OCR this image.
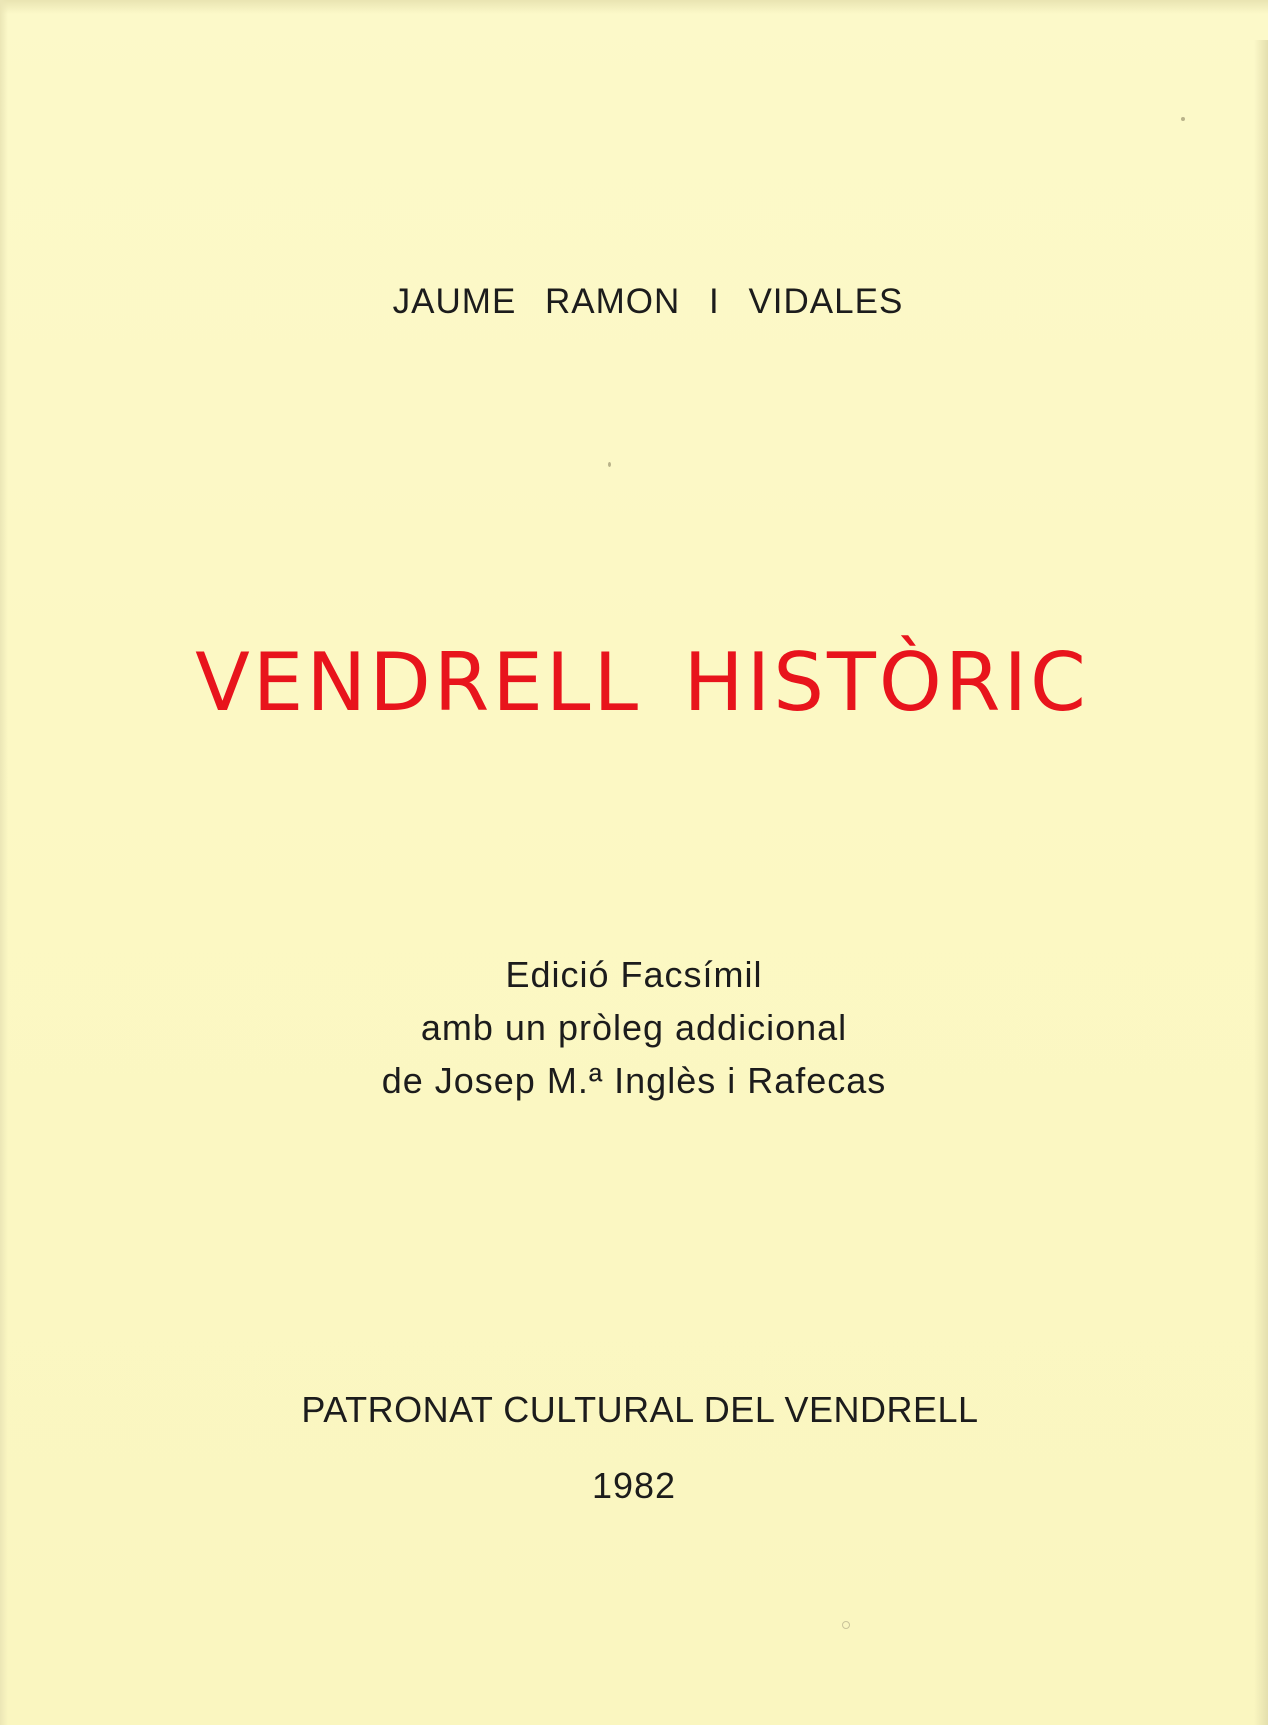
JAUME RAMON I VIDALES
VENDRELL HISTÒRIC
Edició Facsímil
amb un pròleg addicional
de Josep M.ª Inglès i Rafecas
PATRONAT CULTURAL DEL VENDRELL
1982
